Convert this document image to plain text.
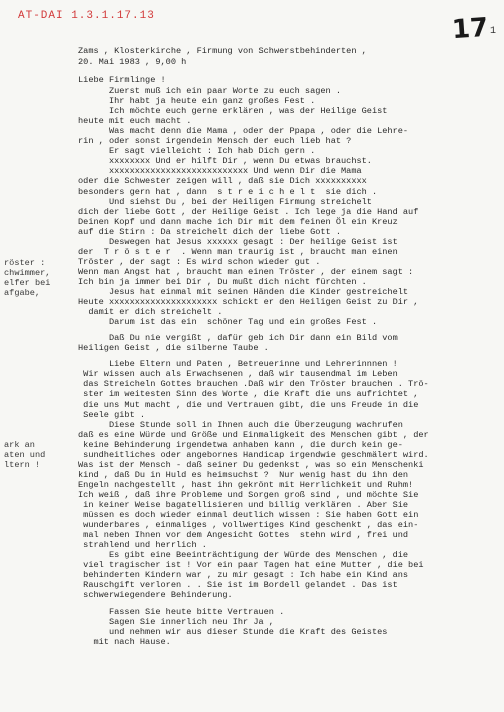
AT-DAI 1.3.1.17.13	17 1
Zams , Klosterkirche , Firmung von Schwerstbehinderten ,
20. Mai 1983 , 9,00 h
Liebe Firmlinge !
Zuerst muß ich ein paar Worte zu euch sagen .
Ihr habt ja heute ein ganz großes Fest .
Ich möchte euch gerne erklären , was der Heilige Geist
heute mit euch macht .
Was macht denn die Mama , oder der Ppapa , oder die Lehre-
rin , oder sonst irgendein Mensch der euch lieb hat ?
Er sagt vielleicht : Ich hab Dich gern .
xxxxxxxx Und er hilft Dir , wenn Du etwas brauchst.
xxxxxxxxxxxxxxxxxxxxxxxxxxx Und wenn Dir die Mama
oder die Schwester zeigen will , daß sie Dich xxxxxxxxxx
besonders gern hat , dann  s t r e i c h e l t  sie dich .
Und siehst Du , bei der Heiligen Firmung streichelt
dich der liebe Gott , der Heilige Geist . Ich lege ja die Hand auf
Deinen Kopf und dann mache ich Dir mit dem feinen Öl ein Kreuz
auf die Stirn : Da streichelt dich der liebe Gott .
Deswegen hat Jesus xxxxxx gesagt : Der heilige Geist ist
der  T r ö s t e r  . Wenn man traurig ist , braucht man einen
Tröster , der sagt : Es wird schon wieder gut .
Wenn man Angst hat , braucht man einen Tröster , der einem sagt :
Ich bin ja immer bei Dir , Du mußt dich nicht fürchten .
Jesus hat einmal mit seinen Händen die Kinder gestreichelt
Heute xxxxxxxxxxxxxxxxxxxxx schickt er den Heiligen Geist zu Dir ,
damit er dich streichelt .
Darum ist das ein  schöner Tag und ein großes Fest .
Daß Du nie vergißt , dafür geb ich Dir dann ein Bild vom
Heiligen Geist , die silberne Taube .
Liebe Eltern und Paten , Betreuerinne und Lehrerinnnen !
Wir wissen auch als Erwachsenen , daß wir tausendmal im Leben
das Streicheln Gottes brauchen .Daß wir den Tröster brauchen . Trö-
ster im weitesten Sinn des Worte , die Kraft die uns aufrichtet ,
die uns Mut macht , die und Vertrauen gibt, die uns Freude in die
Seele gibt .
Diese Stunde soll in Ihnen auch die Überzeugung wachrufen
daß es eine Würde und Größe und Einmaligkeit des Menschen gibt , der
keine Behinderung irgendetwa anhaben kann , die durch kein ge-
sundheitliches oder angebornes Handicap irgendwie geschmälert wird.
Was ist der Mensch - daß seiner Du gedenkst , was so ein Menschenki
kind , daß Du in Huld es heimsuchst ?  Nur wenig hast du ihn den
Engeln nachgestellt , hast ihn gekrönt mit Herrlichkeit und Ruhm!
Ich weiß , daß ihre Probleme und Sorgen groß sind , und möchte Sie
in keiner Weise bagatellisieren und billig verklären . Aber Sie
müssen es doch wieder einmal deutlich wissen : Sie haben Gott ein
wunderbares , einmaliges , vollwertiges Kind geschenkt , das ein-
mal neben Ihnen vor dem Angesicht Gottes  stehn wird , frei und
strahlend und herrlich .
Es gibt eine Beeinträchtigung der Würde des Menschen , die
viel tragischer ist ! Vor ein paar Tagen hat eine Mutter , die bei
behinderten Kindern war , zu mir gesagt : Ich habe ein Kind ans
Rauschgift verloren . . Sie ist im Bordell gelandet . Das ist
schwerwiegendere Behinderung.
Fassen Sie heute bitte Vertrauen .
Sagen Sie innerlich neu Ihr Ja ,
und nehmen wir aus dieser Stunde die Kraft des Geistes
mit nach Hause.
röster :
chwimmer,
elfer bei
afgabe,
ark an
aten und
ltern !
